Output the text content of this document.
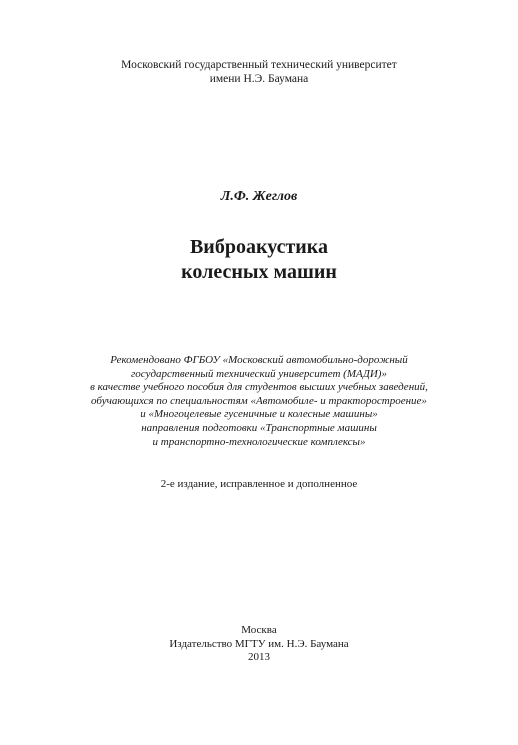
Московский государственный технический университет
имени Н.Э. Баумана
Л.Ф. Жеглов
Виброакустика
колесных машин
Рекомендовано ФГБОУ «Московский автомобильно-дорожный
государственный технический университет (МАДИ)»
в качестве учебного пособия для студентов высших учебных заведений,
обучающихся по специальностям «Автомобиле- и тракторостроение»
и «Многоцелевые гусеничные и колесные машины»
направления подготовки «Транспортные машины
и транспортно-технологические комплексы»
2-е издание, исправленное и дополненное
Москва
Издательство МГТУ им. Н.Э. Баумана
2013
